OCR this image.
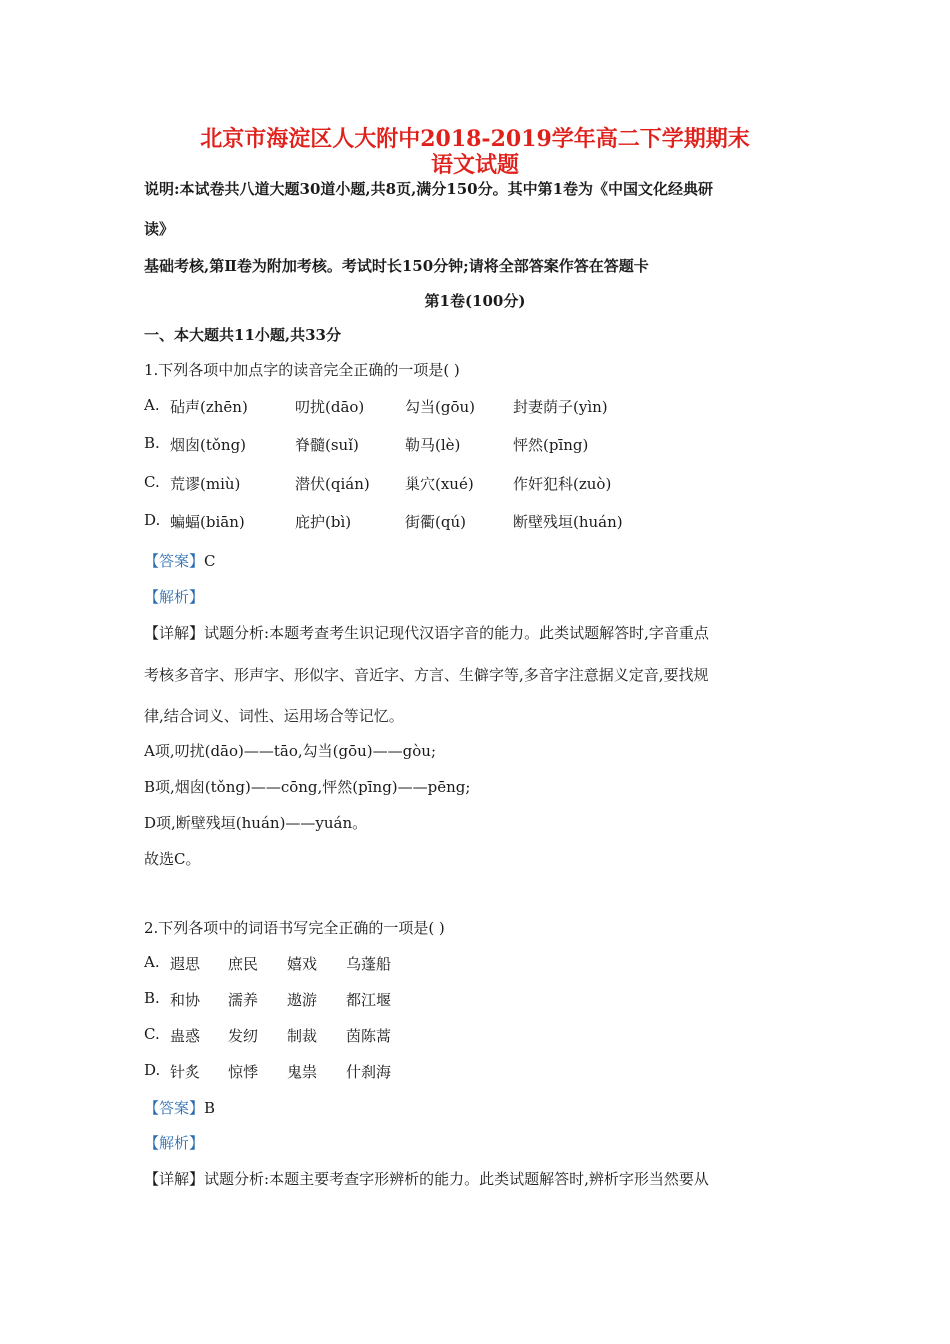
北京市海淀区人大附中2018-2019学年高二下学期期末
语文试题
说明:本试卷共八道大题30道小题,共8页,满分150分。其中第1卷为《中国文化经典研
读》
基础考核,第Ⅱ卷为附加考核。考试时长150分钟;请将全部答案作答在答题卡
第1卷(100分)
一、本大题共11小题,共33分
1.下列各项中加点字的读音完全正确的一项是( )
A. 砧声(zhēn)	叨扰(dāo)	勾当(gōu)	封妻荫子(yìn)
B. 烟囱(tǒng)	脊髓(suǐ)	勒马(lè)	怦然(pīng)
C. 荒谬(miù)	潜伏(qián) 巢穴(xué)	作奸犯科(zuò)
D. 蝙蝠(biān)	庇护(bì)	街衢(qú)	断壁残垣(huán)
【答案】C
【解析】
【详解】试题分析:本题考查考生识记现代汉语字音的能力。此类试题解答时,字音重点
考核多音字、形声字、形似字、音近字、方言、生僻字等,多音字注意据义定音,要找规
律,结合词义、词性、运用场合等记忆。
A项,叨扰(dāo)——tāo,勾当(gōu)——gòu;
B项,烟囱(tǒng)——cōng,怦然(pīng)——pēng;
D项,断壁残垣(huán)——yuán。
故选C。
2.下列各项中的词语书写完全正确的一项是( )
A. 遐思 庶民 嬉戏 乌蓬船
B. 和协 濡养 遨游 都江堰
C. 蛊惑 发纫 制裁 茵陈蒿
D. 针炙 惊悸 鬼祟 什刹海
【答案】B
【解析】
【详解】试题分析:本题主要考查字形辨析的能力。此类试题解答时,辨析字形当然要从
